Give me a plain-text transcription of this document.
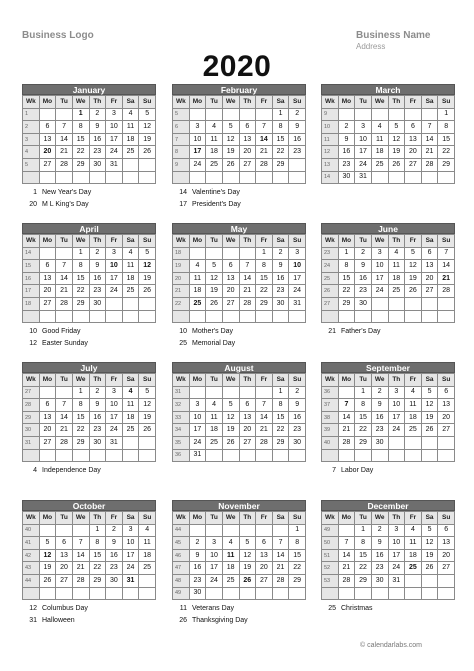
Business Logo	Business Name
Address
2020
January
Wk	Mo	Tu	We	Th	Fr	Sa	Su
1			1	2	3	4	5
2	6	7	8	9	10	11	12
3	13	14	15	16	17	18	19
4	20	21	22	23	24	25	26
5	27	28	29	30	31		

1 New Year's Day
20 M L King's Day
February
Wk	Mo	Tu	We	Th	Fr	Sa	Su
5						1	2
6	3	4	5	6	7	8	9
7	10	11	12	13	14	15	16
8	17	18	19	20	21	22	23
9	24	25	26	27	28	29	

14 Valentine's Day
17 President's Day
March
Wk	Mo	Tu	We	Th	Fr	Sa	Su
9							1
10	2	3	4	5	6	7	8
11	9	10	11	12	13	14	15
12	16	17	18	19	20	21	22
13	23	24	25	26	27	28	29
14	30	31					
April
Wk	Mo	Tu	We	Th	Fr	Sa	Su
14			1	2	3	4	5
15	6	7	8	9	10	11	12
16	13	14	15	16	17	18	19
17	20	21	22	23	24	25	26
18	27	28	29	30			

10 Good Friday
12 Easter Sunday
May
Wk	Mo	Tu	We	Th	Fr	Sa	Su
18					1	2	3
19	4	5	6	7	8	9	10
20	11	12	13	14	15	16	17
21	18	19	20	21	22	23	24
22	25	26	27	28	29	30	31

10 Mother's Day
25 Memorial Day
June
Wk	Mo	Tu	We	Th	Fr	Sa	Su
23	1	2	3	4	5	6	7
24	8	9	10	11	12	13	14
25	15	16	17	18	19	20	21
26	22	23	24	25	26	27	28
27	29	30					

21 Father's Day
July
Wk	Mo	Tu	We	Th	Fr	Sa	Su
27			1	2	3	4	5
28	6	7	8	9	10	11	12
29	13	14	15	16	17	18	19
30	20	21	22	23	24	25	26
31	27	28	29	30	31		

4 Independence Day
August
Wk	Mo	Tu	We	Th	Fr	Sa	Su
31						1	2
32	3	4	5	6	7	8	9
33	10	11	12	13	14	15	16
34	17	18	19	20	21	22	23
35	24	25	26	27	28	29	30
36	31						
September
Wk	Mo	Tu	We	Th	Fr	Sa	Su
36		1	2	3	4	5	6
37	7	8	9	10	11	12	13
38	14	15	16	17	18	19	20
39	21	22	23	24	25	26	27
40	28	29	30				

7 Labor Day
October
Wk	Mo	Tu	We	Th	Fr	Sa	Su
40				1	2	3	4
41	5	6	7	8	9	10	11
42	12	13	14	15	16	17	18
43	19	20	21	22	23	24	25
44	26	27	28	29	30	31	

12 Columbus Day
31 Halloween
November
Wk	Mo	Tu	We	Th	Fr	Sa	Su
44							1
45	2	3	4	5	6	7	8
46	9	10	11	12	13	14	15
47	16	17	18	19	20	21	22
48	23	24	25	26	27	28	29
49	30						
11 Veterans Day
26 Thanksgiving Day
December
Wk	Mo	Tu	We	Th	Fr	Sa	Su
49		1	2	3	4	5	6
50	7	8	9	10	11	12	13
51	14	15	16	17	18	19	20
52	21	22	23	24	25	26	27
53	28	29	30	31			

25 Christmas
© calendarlabs.com
